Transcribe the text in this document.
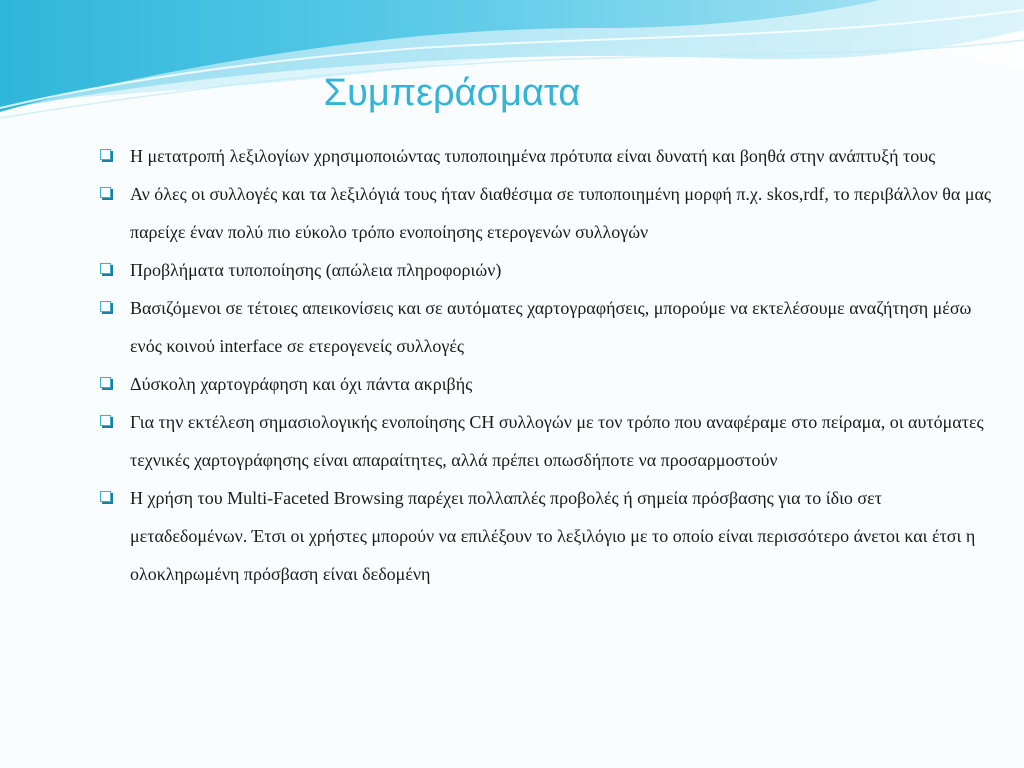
Συμπεράσματα
Η μετατροπή λεξιλογίων χρησιμοποιώντας τυποποιημένα πρότυπα είναι δυνατή και βοηθά στην ανάπτυξή τους
Αν όλες οι συλλογές και τα λεξιλόγιά τους ήταν διαθέσιμα σε τυποποιημένη μορφή π.χ. skos,rdf, το περιβάλλον θα μας παρείχε έναν πολύ πιο εύκολο τρόπο ενοποίησης ετερογενών συλλογών
Προβλήματα τυποποίησης (απώλεια πληροφοριών)
Βασιζόμενοι σε τέτοιες απεικονίσεις και σε αυτόματες χαρτογραφήσεις, μπορούμε να εκτελέσουμε αναζήτηση μέσω ενός κοινού interface σε ετερογενείς συλλογές
Δύσκολη χαρτογράφηση και όχι πάντα ακριβής
Για την εκτέλεση σημασιολογικής ενοποίησης CH συλλογών με τον τρόπο που αναφέραμε στο πείραμα, οι αυτόματες τεχνικές χαρτογράφησης είναι απαραίτητες, αλλά πρέπει οπωσδήποτε να προσαρμοστούν
Η χρήση του Multi-Faceted Browsing παρέχει πολλαπλές προβολές ή σημεία πρόσβασης για το ίδιο σετ μεταδεδομένων. Έτσι οι χρήστες μπορούν να επιλέξουν το λεξιλόγιο με το οποίο είναι περισσότερο άνετοι και έτσι η ολοκληρωμένη πρόσβαση είναι δεδομένη
